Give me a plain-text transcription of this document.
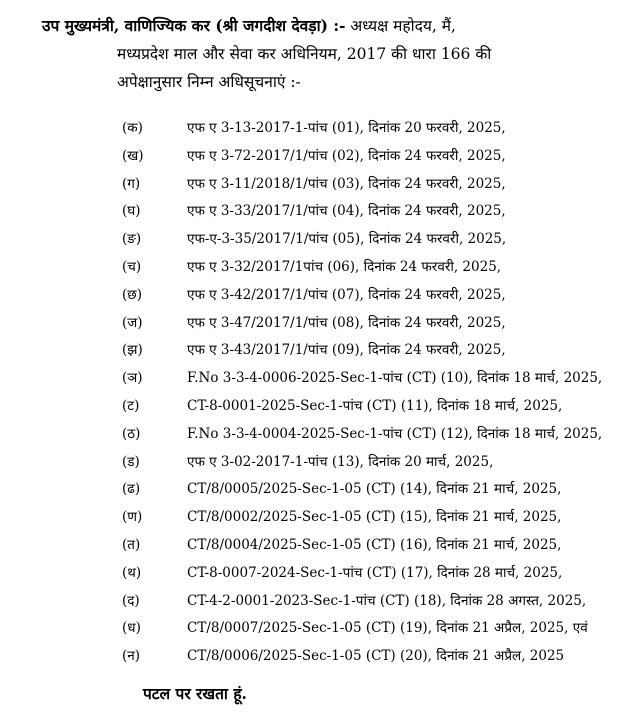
उप मुख्यमंत्री, वाणिज्यिक कर (श्री जगदीश देवड़ा) :- अध्यक्ष महोदय, मैं,
मध्यप्रदेश माल और सेवा कर अधिनियम, 2017 की धारा 166 की
अपेक्षानुसार निम्न अधिसूचनाएं :-
(क)	एफ ए 3-13-2017-1-पांच (01), दिनांक 20 फरवरी, 2025,
(ख)	एफ ए 3-72-2017/1/पांच (02), दिनांक 24 फरवरी, 2025,
(ग)	एफ ए 3-11/2018/1/पांच (03), दिनांक 24 फरवरी, 2025,
(घ)	एफ ए 3-33/2017/1/पांच (04), दिनांक 24 फरवरी, 2025,
(ङ)	एफ-ए-3-35/2017/1/पांच (05), दिनांक 24 फरवरी, 2025,
(च)	एफ ए 3-32/2017/1पांच (06), दिनांक 24 फरवरी, 2025,
(छ)	एफ ए 3-42/2017/1/पांच (07), दिनांक 24 फरवरी, 2025,
(ज)	एफ ए 3-47/2017/1/पांच (08), दिनांक 24 फरवरी, 2025,
(झ)	एफ ए 3-43/2017/1/पांच (09), दिनांक 24 फरवरी, 2025,
(ञ)	F.No 3-3-4-0006-2025-Sec-1-पांच (CT) (10), दिनांक 18 मार्च, 2025,
(ट)	CT-8-0001-2025-Sec-1-पांच (CT) (11), दिनांक 18 मार्च, 2025,
(ठ)	F.No 3-3-4-0004-2025-Sec-1-पांच (CT) (12), दिनांक 18 मार्च, 2025,
(ड)	एफ ए 3-02-2017-1-पांच (13), दिनांक 20 मार्च, 2025,
(ढ)	CT/8/0005/2025-Sec-1-05 (CT) (14), दिनांक 21 मार्च, 2025,
(ण)	CT/8/0002/2025-Sec-1-05 (CT) (15), दिनांक 21 मार्च, 2025,
(त)	CT/8/0004/2025-Sec-1-05 (CT) (16), दिनांक 21 मार्च, 2025,
(थ)	CT-8-0007-2024-Sec-1-पांच (CT) (17), दिनांक 28 मार्च, 2025,
(द)	CT-4-2-0001-2023-Sec-1-पांच (CT) (18), दिनांक 28 अगस्त, 2025,
(ध)	CT/8/0007/2025-Sec-1-05 (CT) (19), दिनांक 21 अप्रैल, 2025, एवं
(न)	CT/8/0006/2025-Sec-1-05 (CT) (20), दिनांक 21 अप्रैल, 2025
पटल पर रखता हूं.
